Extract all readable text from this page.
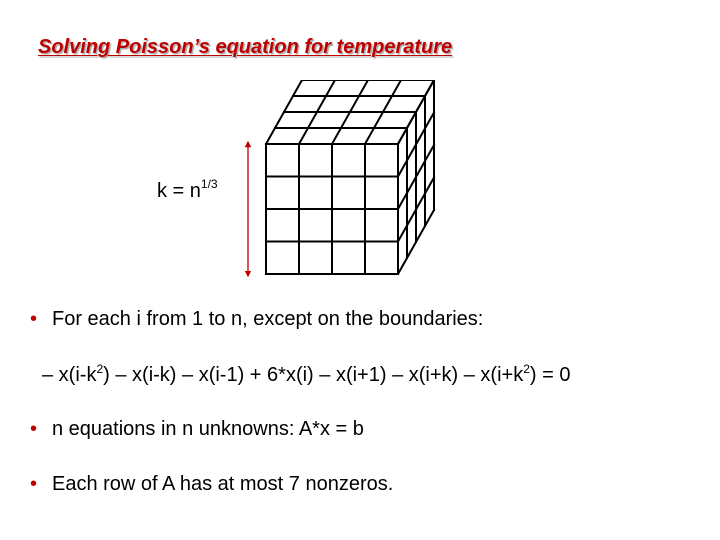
Solving Poisson’s equation for temperature
$k = n^{1/3}$
• For each i from 1 to n, except on the boundaries:
– $x(i-k^2) - x(i-k) - x(i-1) + 6*x(i) - x(i+1) - x(i+k) - x(i+k^2) = 0$
• n equations in n unknowns: A*x = b
• Each row of A has at most 7 nonzeros.
